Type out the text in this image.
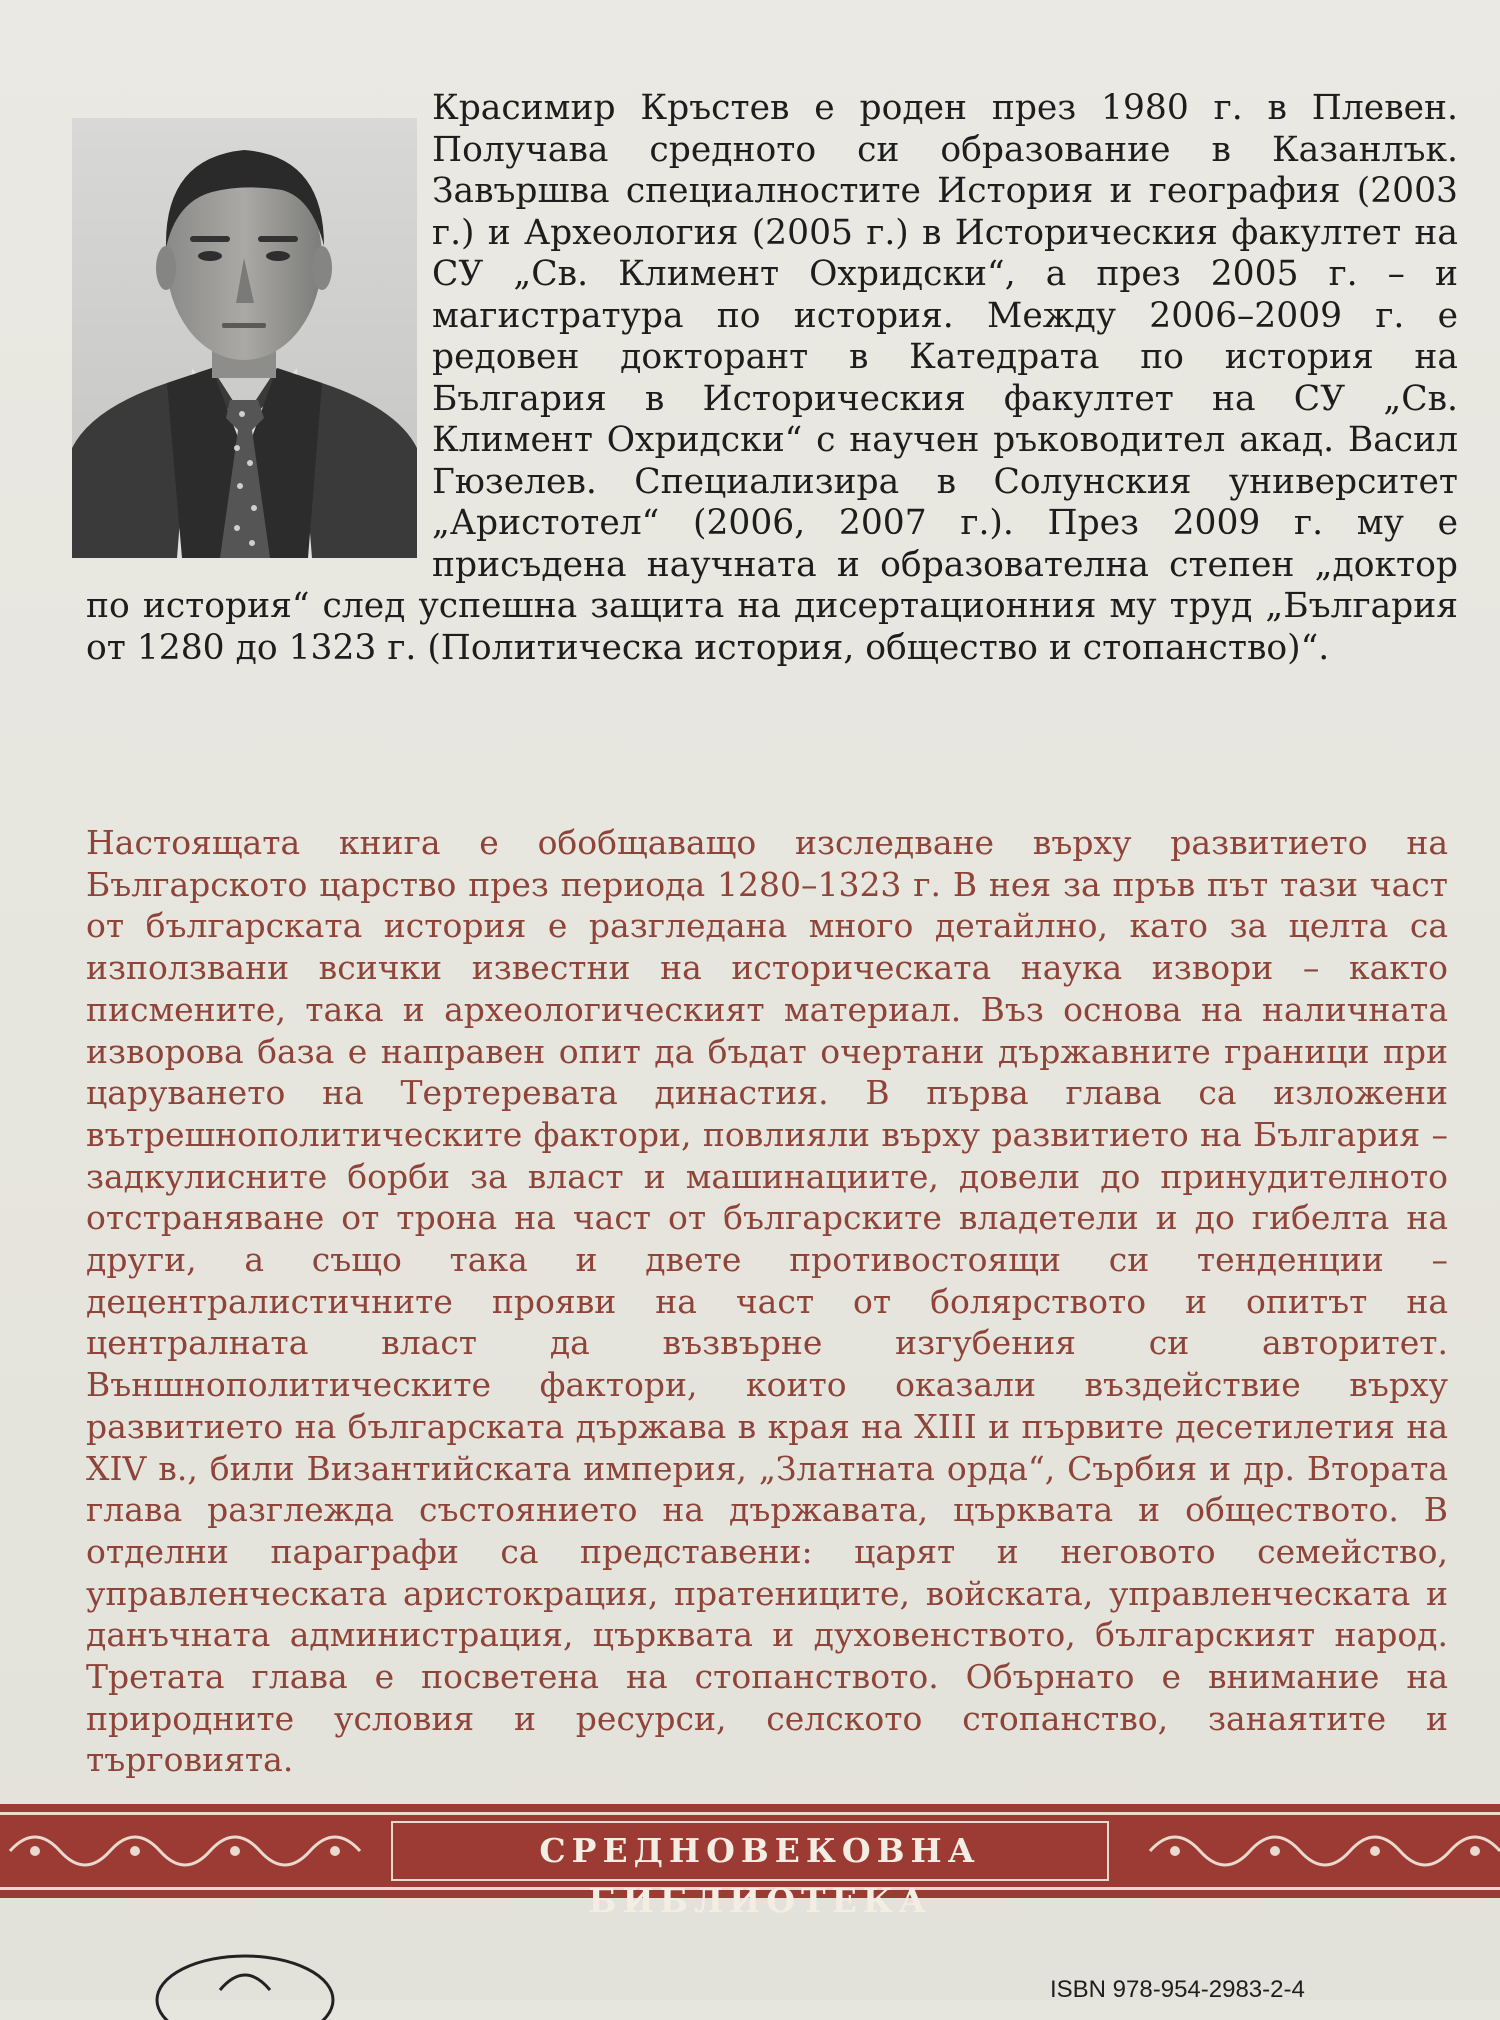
Красимир Кръстев е роден през 1980 г. в Плевен. Получава средното си образование в Казанлък. Завършва специалностите История и география (2003 г.) и Археология (2005 г.) в Историческия факултет на СУ „Св. Климент Охридски“, а през 2005 г. – и магистратура по история. Между 2006–2009 г. е редовен докторант в Катедрата по история на България в Историческия факултет на СУ „Св. Климент Охридски“ с научен ръководител акад. Васил Гюзелев. Специализира в Солунския университет „Аристотел“ (2006, 2007 г.). През 2009 г. му е присъдена научната и образователна степен „доктор по история“ след успешна защита на дисертационния му труд „България от 1280 до 1323 г. (Политическа история, общество и стопанство)“.

Настоящата книга е обобщаващо изследване върху развитието на Българското царство през периода 1280–1323 г. В нея за пръв път тази част от българската история е разгледана много детайлно, като за целта са използвани всички известни на историческата наука извори – както писмените, така и археологическият материал. Въз основа на наличната изворова база е направен опит да бъдат очертани държавните граници при царуването на Тертеревата династия. В първа глава са изложени вътрешнополитическите фактори, повлияли върху развитието на България – задкулисните борби за власт и машинациите, довели до принудителното отстраняване от трона на част от българските владетели и до гибелта на други, а също така и двете противостоящи си тенденции – децентралистичните прояви на част от болярството и опитът на централната власт да възвърне изгубения си авторитет. Външнополитическите фактори, които оказали въздействие върху развитието на българската държава в края на XIII и първите десетилетия на XIV в., били Византийската империя, „Златната орда“, Сърбия и др. Втората глава разглежда състоянието на държавата, църквата и обществото. В отделни параграфи са представени: царят и неговото семейство, управленческата аристокрация, пратениците, войската, управленческата и данъчната администрация, църквата и духовенството, българският народ. Третата глава е посветена на стопанството. Обърнато е внимание на природните условия и ресурси, селското стопанство, занаятите и търговията.

СРЕДНОВЕКОВНА БИБЛИОТЕКА
ISBN 978-954-2983-2-4
